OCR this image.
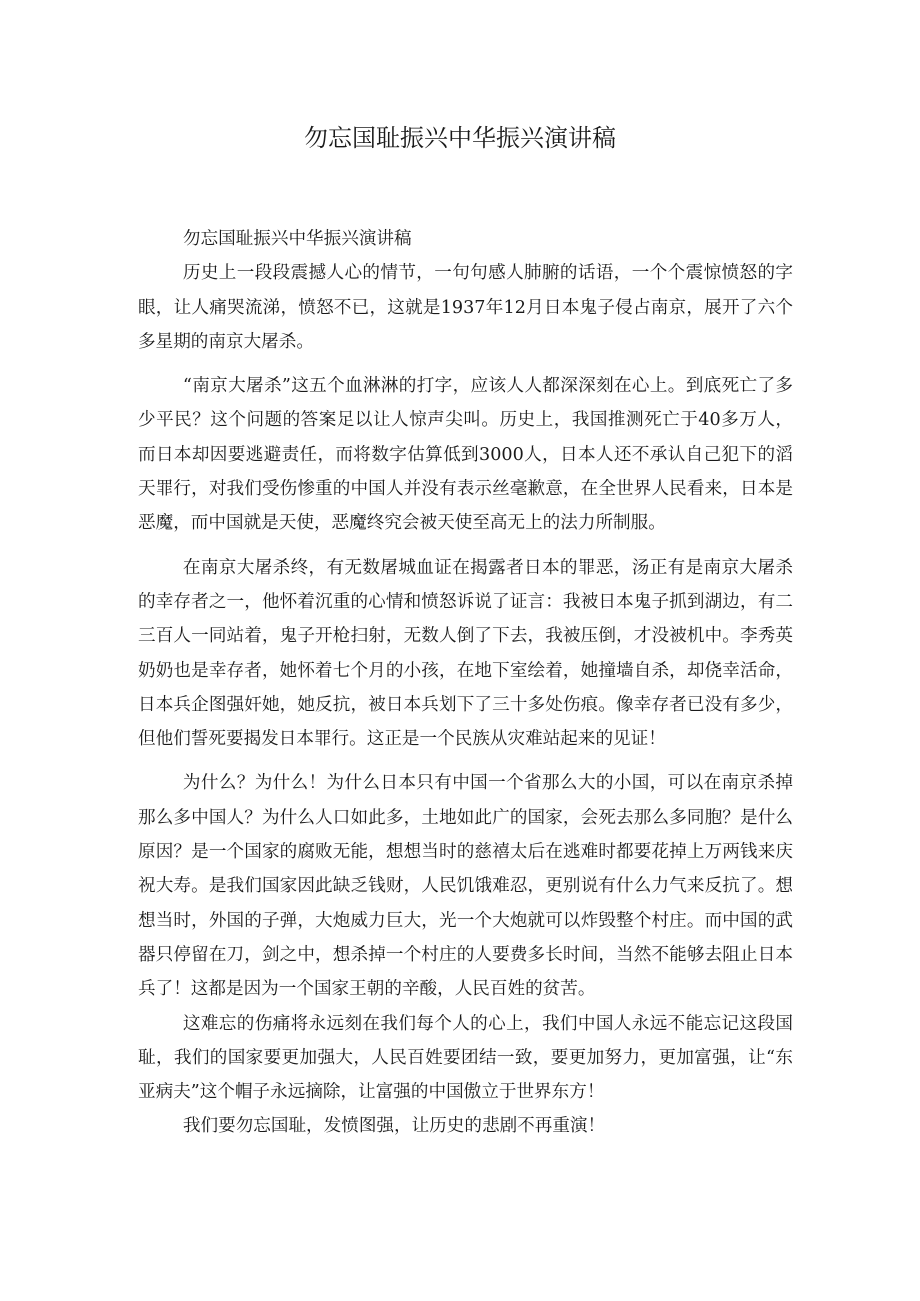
勿忘国耻振兴中华振兴演讲稿

勿忘国耻振兴中华振兴演讲稿

历史上一段段震撼人心的情节，一句句感人肺腑的话语，一个个震惊愤怒的字眼，让人痛哭流涕，愤怒不已，这就是1937年12月日本鬼子侵占南京，展开了六个多星期的南京大屠杀。

“南京大屠杀”这五个血淋淋的打字，应该人人都深深刻在心上。到底死亡了多少平民？这个问题的答案足以让人惊声尖叫。历史上，我国推测死亡于40多万人，而日本却因要逃避责任，而将数字估算低到3000人，日本人还不承认自己犯下的滔天罪行，对我们受伤惨重的中国人并没有表示丝毫歉意，在全世界人民看来，日本是恶魔，而中国就是天使，恶魔终究会被天使至高无上的法力所制服。

在南京大屠杀终，有无数屠城血证在揭露者日本的罪恶，汤正有是南京大屠杀的幸存者之一，他怀着沉重的心情和愤怒诉说了证言：我被日本鬼子抓到湖边，有二三百人一同站着，鬼子开枪扫射，无数人倒了下去，我被压倒，才没被机中。李秀英奶奶也是幸存者，她怀着七个月的小孩，在地下室绘着，她撞墙自杀，却侥幸活命，日本兵企图强奸她，她反抗，被日本兵划下了三十多处伤痕。像幸存者已没有多少，但他们誓死要揭发日本罪行。这正是一个民族从灾难站起来的见证！

为什么？为什么！为什么日本只有中国一个省那么大的小国，可以在南京杀掉那么多中国人？为什么人口如此多，土地如此广的国家，会死去那么多同胞？是什么原因？是一个国家的腐败无能，想想当时的慈禧太后在逃难时都要花掉上万两钱来庆祝大寿。是我们国家因此缺乏钱财，人民饥饿难忍，更别说有什么力气来反抗了。想想当时，外国的子弹，大炮威力巨大，光一个大炮就可以炸毁整个村庄。而中国的武器只停留在刀，剑之中，想杀掉一个村庄的人要费多长时间，当然不能够去阻止日本兵了！这都是因为一个国家王朝的辛酸，人民百姓的贫苦。

这难忘的伤痛将永远刻在我们每个人的心上，我们中国人永远不能忘记这段国耻，我们的国家要更加强大，人民百姓要团结一致，要更加努力，更加富强，让“东亚病夫”这个帽子永远摘除，让富强的中国傲立于世界东方！

我们要勿忘国耻，发愤图强，让历史的悲剧不再重演！
